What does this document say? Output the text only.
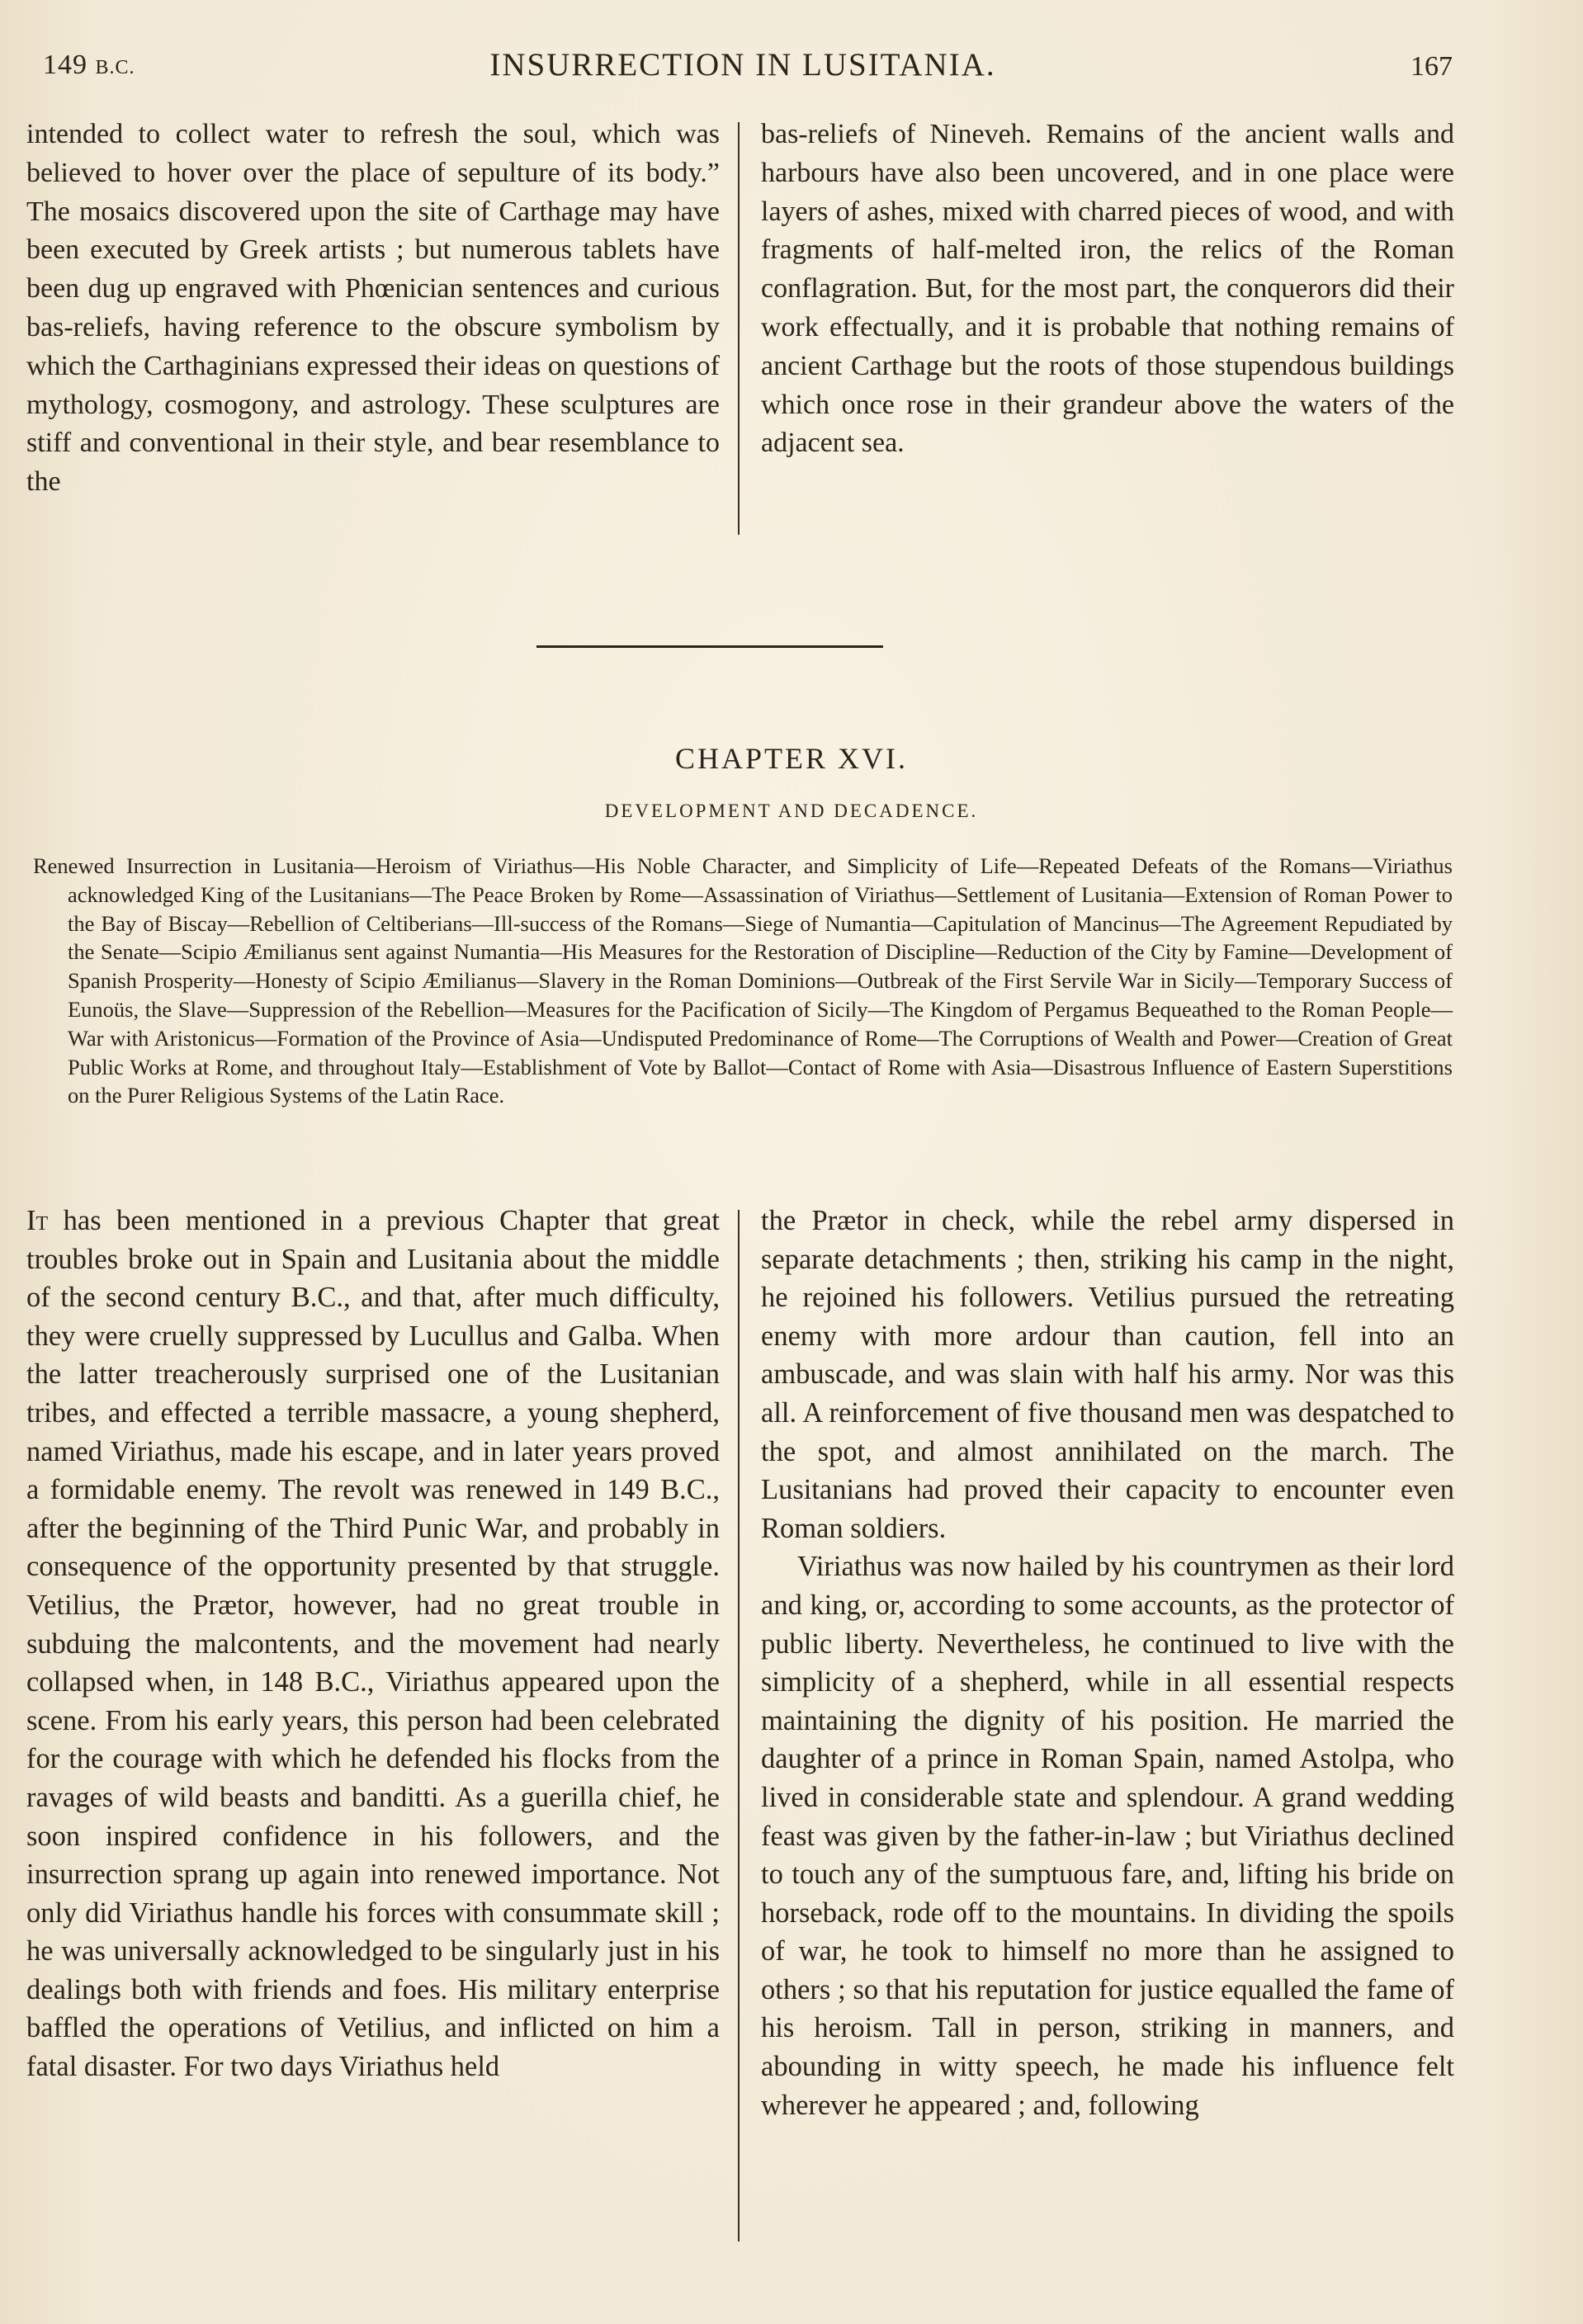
149 B.C.	INSURRECTION IN LUSITANIA.	167

intended to collect water to refresh the soul, which was believed to hover over the place of sepulture of its body.” The mosaics discovered upon the site of Carthage may have been executed by Greek artists ; but numerous tablets have been dug up engraved with Phœnician sentences and curious bas-reliefs, having reference to the obscure symbolism by which the Carthaginians expressed their ideas on questions of mythology, cosmogony, and astrology. These sculptures are stiff and conventional in their style, and bear resemblance to the

bas-reliefs of Nineveh. Remains of the ancient walls and harbours have also been uncovered, and in one place were layers of ashes, mixed with charred pieces of wood, and with fragments of half-melted iron, the relics of the Roman conflagration. But, for the most part, the conquerors did their work effectually, and it is probable that nothing remains of ancient Carthage but the roots of those stupendous buildings which once rose in their grandeur above the waters of the adjacent sea.

CHAPTER XVI.
DEVELOPMENT AND DECADENCE.
Renewed Insurrection in Lusitania—Heroism of Viriathus—His Noble Character, and Simplicity of Life—Repeated Defeats of the Romans—Viriathus acknowledged King of the Lusitanians—The Peace Broken by Rome—Assassination of Viriathus—Settlement of Lusitania—Extension of Roman Power to the Bay of Biscay—Rebellion of Celtiberians—Ill-success of the Romans—Siege of Numantia—Capitulation of Mancinus—The Agreement Repudiated by the Senate—Scipio Æmilianus sent against Numantia—His Measures for the Restoration of Discipline—Reduction of the City by Famine—Development of Spanish Prosperity—Honesty of Scipio Æmilianus—Slavery in the Roman Dominions—Outbreak of the First Servile War in Sicily—Temporary Success of Eunoüs, the Slave—Suppression of the Rebellion—Measures for the Pacification of Sicily—The Kingdom of Pergamus Bequeathed to the Roman People—War with Aristonicus—Formation of the Province of Asia—Undisputed Predominance of Rome—The Corruptions of Wealth and Power—Creation of Great Public Works at Rome, and throughout Italy—Establishment of Vote by Ballot—Contact of Rome with Asia—Disastrous Influence of Eastern Superstitions on the Purer Religious Systems of the Latin Race.

It has been mentioned in a previous Chapter that great troubles broke out in Spain and Lusitania about the middle of the second century B.C., and that, after much difficulty, they were cruelly suppressed by Lucullus and Galba. When the latter treacherously surprised one of the Lusitanian tribes, and effected a terrible massacre, a young shepherd, named Viriathus, made his escape, and in later years proved a formidable enemy. The revolt was renewed in 149 B.C., after the beginning of the Third Punic War, and probably in consequence of the opportunity presented by that struggle. Vetilius, the Prætor, however, had no great trouble in subduing the malcontents, and the movement had nearly collapsed when, in 148 B.C., Viriathus appeared upon the scene. From his early years, this person had been celebrated for the courage with which he defended his flocks from the ravages of wild beasts and banditti. As a guerilla chief, he soon inspired confidence in his followers, and the insurrection sprang up again into renewed importance. Not only did Viriathus handle his forces with consummate skill ; he was universally acknowledged to be singularly just in his dealings both with friends and foes. His military enterprise baffled the operations of Vetilius, and inflicted on him a fatal disaster. For two days Viriathus held

the Prætor in check, while the rebel army dispersed in separate detachments ; then, striking his camp in the night, he rejoined his followers. Vetilius pursued the retreating enemy with more ardour than caution, fell into an ambuscade, and was slain with half his army. Nor was this all. A reinforcement of five thousand men was despatched to the spot, and almost annihilated on the march. The Lusitanians had proved their capacity to encounter even Roman soldiers.

Viriathus was now hailed by his countrymen as their lord and king, or, according to some accounts, as the protector of public liberty. Nevertheless, he continued to live with the simplicity of a shepherd, while in all essential respects maintaining the dignity of his position. He married the daughter of a prince in Roman Spain, named Astolpa, who lived in considerable state and splendour. A grand wedding feast was given by the father-in-law ; but Viriathus declined to touch any of the sumptuous fare, and, lifting his bride on horseback, rode off to the mountains. In dividing the spoils of war, he took to himself no more than he assigned to others ; so that his reputation for justice equalled the fame of his heroism. Tall in person, striking in manners, and abounding in witty speech, he made his influence felt wherever he appeared ; and, following
